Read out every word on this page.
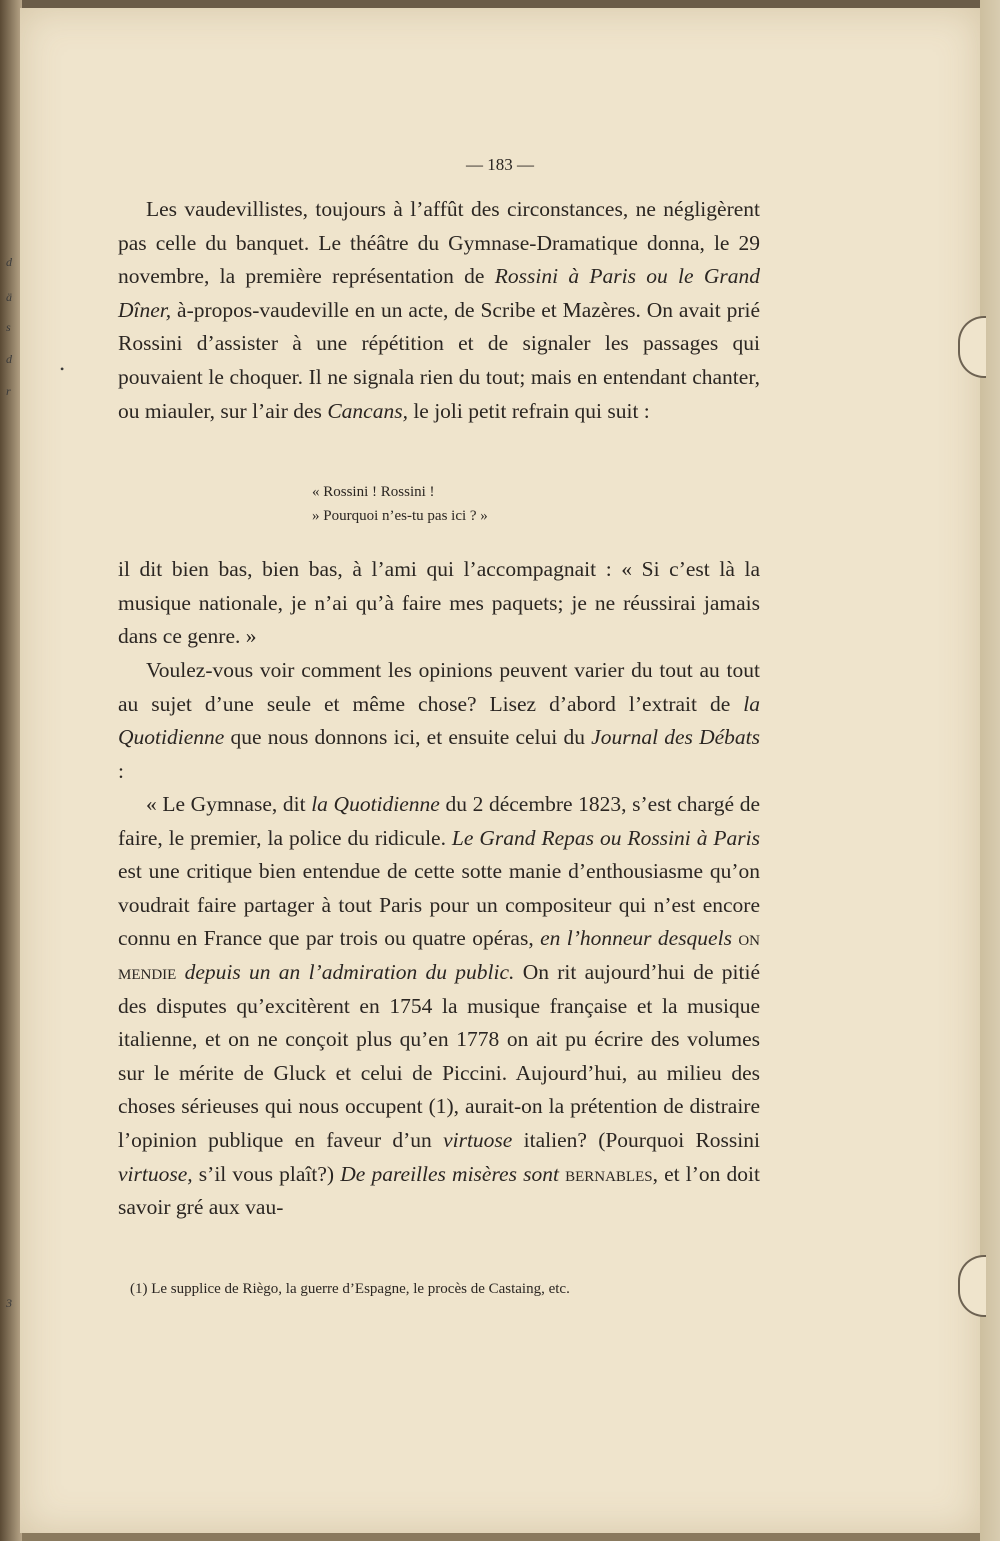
d
ä
s
d
r
•
3
— 183 —

Les vaudevillistes, toujours à l’affût des circonstances, ne négligèrent pas celle du banquet. Le théâtre du Gymnase-Dramatique donna, le 29 novembre, la première représentation de Rossini à Paris ou le Grand Dîner, à-propos-vaudeville en un acte, de Scribe et Mazères. On avait prié Rossini d’assister à une répétition et de signaler les passages qui pouvaient le choquer. Il ne signala rien du tout; mais en entendant chanter, ou miauler, sur l’air des Cancans, le joli petit refrain qui suit :

« Rossini ! Rossini !
» Pourquoi n’es-tu pas ici ? »

il dit bien bas, bien bas, à l’ami qui l’accompagnait : « Si c’est là la musique nationale, je n’ai qu’à faire mes paquets; je ne réussirai jamais dans ce genre. »

Voulez-vous voir comment les opinions peuvent varier du tout au tout au sujet d’une seule et même chose? Lisez d’abord l’extrait de la Quotidienne que nous donnons ici, et ensuite celui du Journal des Débats :

« Le Gymnase, dit la Quotidienne du 2 décembre 1823, s’est chargé de faire, le premier, la police du ridicule. Le Grand Repas ou Rossini à Paris est une critique bien entendue de cette sotte manie d’enthousiasme qu’on voudrait faire partager à tout Paris pour un compositeur qui n’est encore connu en France que par trois ou quatre opéras, en l’honneur desquels on mendie depuis un an l’admiration du public. On rit aujourd’hui de pitié des disputes qu’excitèrent en 1754 la musique française et la musique italienne, et on ne conçoit plus qu’en 1778 on ait pu écrire des volumes sur le mérite de Gluck et celui de Piccini. Aujourd’hui, au milieu des choses sérieuses qui nous occupent (1), aurait-on la prétention de distraire l’opinion publique en faveur d’un virtuose italien? (Pourquoi Rossini virtuose, s’il vous plaît?) De pareilles misères sont bernables, et l’on doit savoir gré aux vau-

(1) Le supplice de Riègo, la guerre d’Espagne, le procès de Castaing, etc.
